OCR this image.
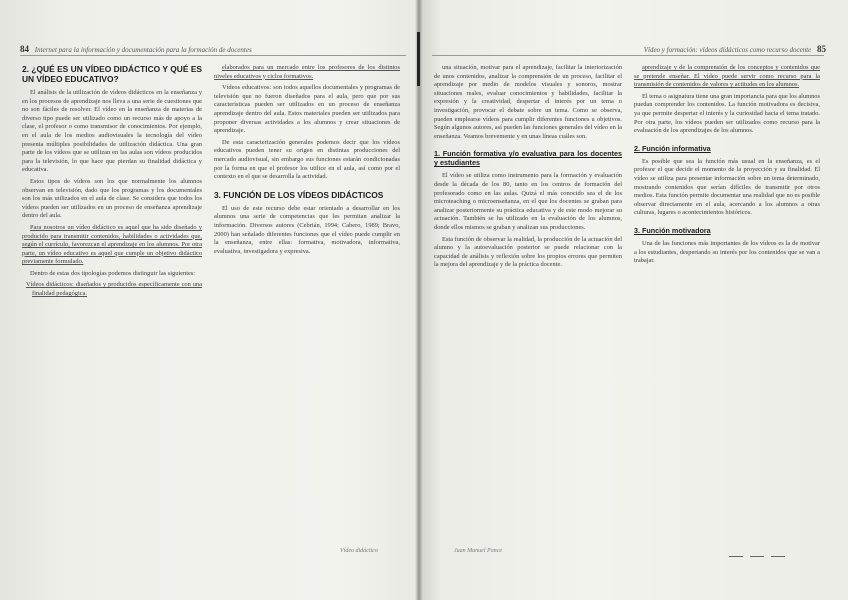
84 Internet para la información y documentación para la formación de docentes
2. ¿QUÉ ES UN VÍDEO DIDÁCTICO Y QUÉ ES UN VÍDEO EDUCATIVO?

El análisis de la utilización de vídeos didácticos en la enseñanza y en los procesos de aprendizaje nos lleva a una serie de cuestiones que no son fáciles de resolver. El vídeo en la enseñanza de materias de diverso tipo puede ser utilizado como un recurso más de apoyo a la clase, el profesor o como transmisor de conocimientos. Por ejemplo, en el aula de los medios audiovisuales la tecnología del vídeo presenta múltiples posibilidades de utilización didáctica. Una gran parte de los vídeos que se utilizan en las aulas son vídeos producidos para la televisión, lo que hace que pierdan su finalidad didáctica y educativa.

Estos tipos de vídeos son los que normalmente los alumnos observan en televisión, dado que los programas y los documentales son los más utilizados en el aula de clase. Se considera que todos los vídeos pueden ser utilizados en un proceso de enseñanza aprendizaje dentro del aula.

Para nosotros un vídeo didáctico es aquel que ha sido diseñado y producido para transmitir contenidos, habilidades o actividades que, según el currículo, favorezcan el aprendizaje en los alumnos. Por otra parte, un vídeo educativo es aquel que cumple un objetivo didáctico previamente formulado.

Dentro de estas dos tipologías podemos distinguir las siguientes:

Vídeos didácticos: diseñados y producidos específicamente con una finalidad pedagógica.

elaborados para un mercado entre los profesores de los distintos niveles educativos y ciclos formativos.

Vídeos educativos: son todos aquellos documentales y programas de televisión que no fueron diseñados para el aula, pero que por sus características pueden ser utilizados en un proceso de enseñanza aprendizaje dentro del aula. Estos materiales pueden ser utilizados para proponer diversas actividades a los alumnos y crear situaciones de aprendizaje.

De esta caracterización generales podemos decir que los vídeos educativos pueden tener su origen en distintas producciones del mercado audiovisual, sin embargo sus funciones estarán condicionadas por la forma en que el profesor los utilice en el aula, así como por el contexto en el que se desarrolla la actividad.

3. FUNCIÓN DE LOS VÍDEOS DIDÁCTICOS

El uso de este recurso debe estar orientado a desarrollar en los alumnos una serie de competencias que les permitan analizar la información. Diversos autores (Cebrián, 1994; Cabero, 1989; Bravo, 2000) han señalado diferentes funciones que el vídeo puede cumplir en la enseñanza, entre ellas: formativa, motivadora, informativa, evaluativa, investigadora y expresiva.

Vídeo didáctico
Vídeo y formación: vídeos didácticos como recurso docente 85

una situación, motivar para el aprendizaje, facilitar la interiorización de unos contenidos, analizar la comprensión de un proceso, facilitar el aprendizaje por medio de modelos visuales y sonoros, mostrar situaciones reales, evaluar conocimientos y habilidades, facilitar la expresión y la creatividad, despertar el interés por un tema o investigación, provocar el debate sobre un tema. Como se observa, pueden emplearse vídeos para cumplir diferentes funciones u objetivos. Según algunos autores, así pueden las funciones generales del vídeo en la enseñanza. Veamos brevemente y en unas líneas cuáles son.

1. Función formativa y/o evaluativa para los docentes y estudiantes

El vídeo se utiliza como instrumento para la formación y evaluación desde la década de los 80, tanto en los centros de formación del profesorado como en las aulas. Quizá el más conocido sea el de los microteaching o microenseñanza, en el que los docentes se graban para analizar posteriormente su práctica educativa y de este modo mejorar su actuación. También se ha utilizado en la evaluación de los alumnos, donde ellos mismos se graban y analizan sus producciones.

Esta función de observar la realidad, la producción de la actuación del alumno y la autoevaluación posterior se puede relacionar con la capacidad de análisis y reflexión sobre los propios errores que permiten la mejora del aprendizaje y de la práctica docente.

Juan Manuel Ponce

aprendizaje y de la comprensión de los conceptos y contenidos que se pretende enseñar. El vídeo puede servir como recurso para la transmisión de contenidos de valores y actitudes en los alumnos.

El tema o asignatura tiene una gran importancia para que los alumnos puedan comprender los contenidos. La función motivadora es decisiva, ya que permite despertar el interés y la curiosidad hacia el tema tratado. Por otra parte, los vídeos pueden ser utilizados como recurso para la evaluación de los aprendizajes de los alumnos.

2. Función informativa

Es posible que sea la función más usual en la enseñanza, es el profesor el que decide el momento de la proyección y su finalidad. El vídeo se utiliza para presentar información sobre un tema determinado, mostrando contenidos que serían difíciles de transmitir por otros medios. Esta función permite documentar una realidad que no es posible observar directamente en el aula, acercando a los alumnos a otras culturas, lugares o acontecimientos históricos.

3. Función motivadora

Una de las funciones más importantes de los vídeos es la de motivar a los estudiantes, despertando su interés por los contenidos que se van a trabajar.
